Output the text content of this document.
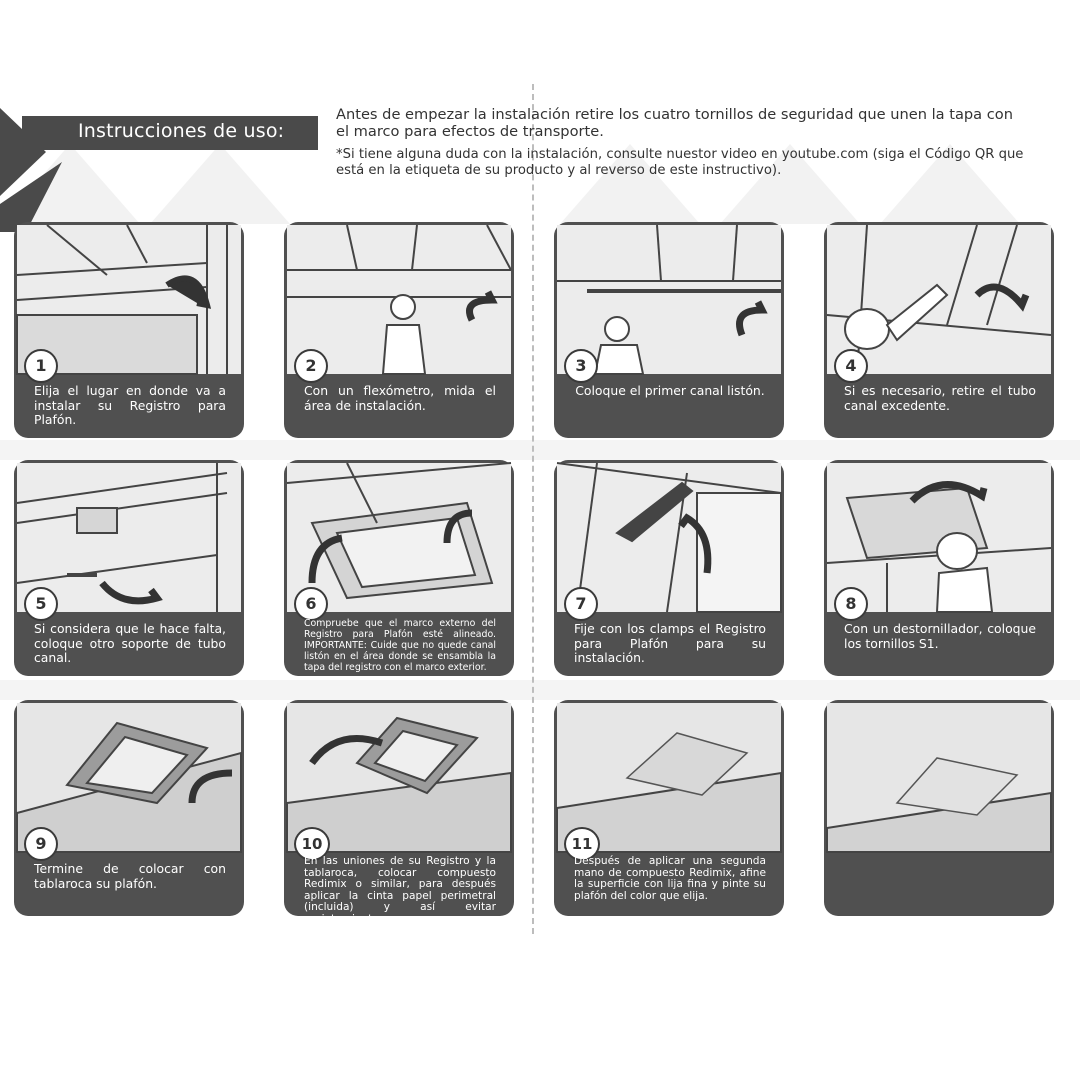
Instrucciones de uso:
Antes de empezar la instalación retire los cuatro tornillos de seguridad que unen la tapa con el marco para efectos de transporte.
*Si tiene alguna duda con la instalación, consulte nuestor video en youtube.com (siga el Código QR que está en la etiqueta de su producto y al reverso de este instructivo).
1
Elija el lugar en donde va a instalar su Registro para Plafón.
2
Con un flexómetro, mida el área de instalación.
3
Coloque el primer canal listón.
4
Si es necesario, retire el tubo canal excedente.
5
Si considera que le hace falta, coloque otro soporte de tubo canal.
6
Compruebe que el marco externo del Registro para Plafón esté alineado. IMPORTANTE: Cuide que no quede canal listón en el área donde se ensambla la tapa del registro con el marco exterior.
7
Fije con los clamps el Registro para Plafón para su instalación.
8
Con un destornillador, coloque los tornillos S1.
9
Termine de colocar con tablaroca su plafón.
10
En las uniones de su Registro y la tablaroca, colocar compuesto Redimix o similar, para después aplicar la cinta papel perimetral (incluida) y así evitar agrietamientos.
11
Después de aplicar una segunda mano de compuesto Redimix, afine la superficie con lija fina y pinte su plafón del color que elija.
